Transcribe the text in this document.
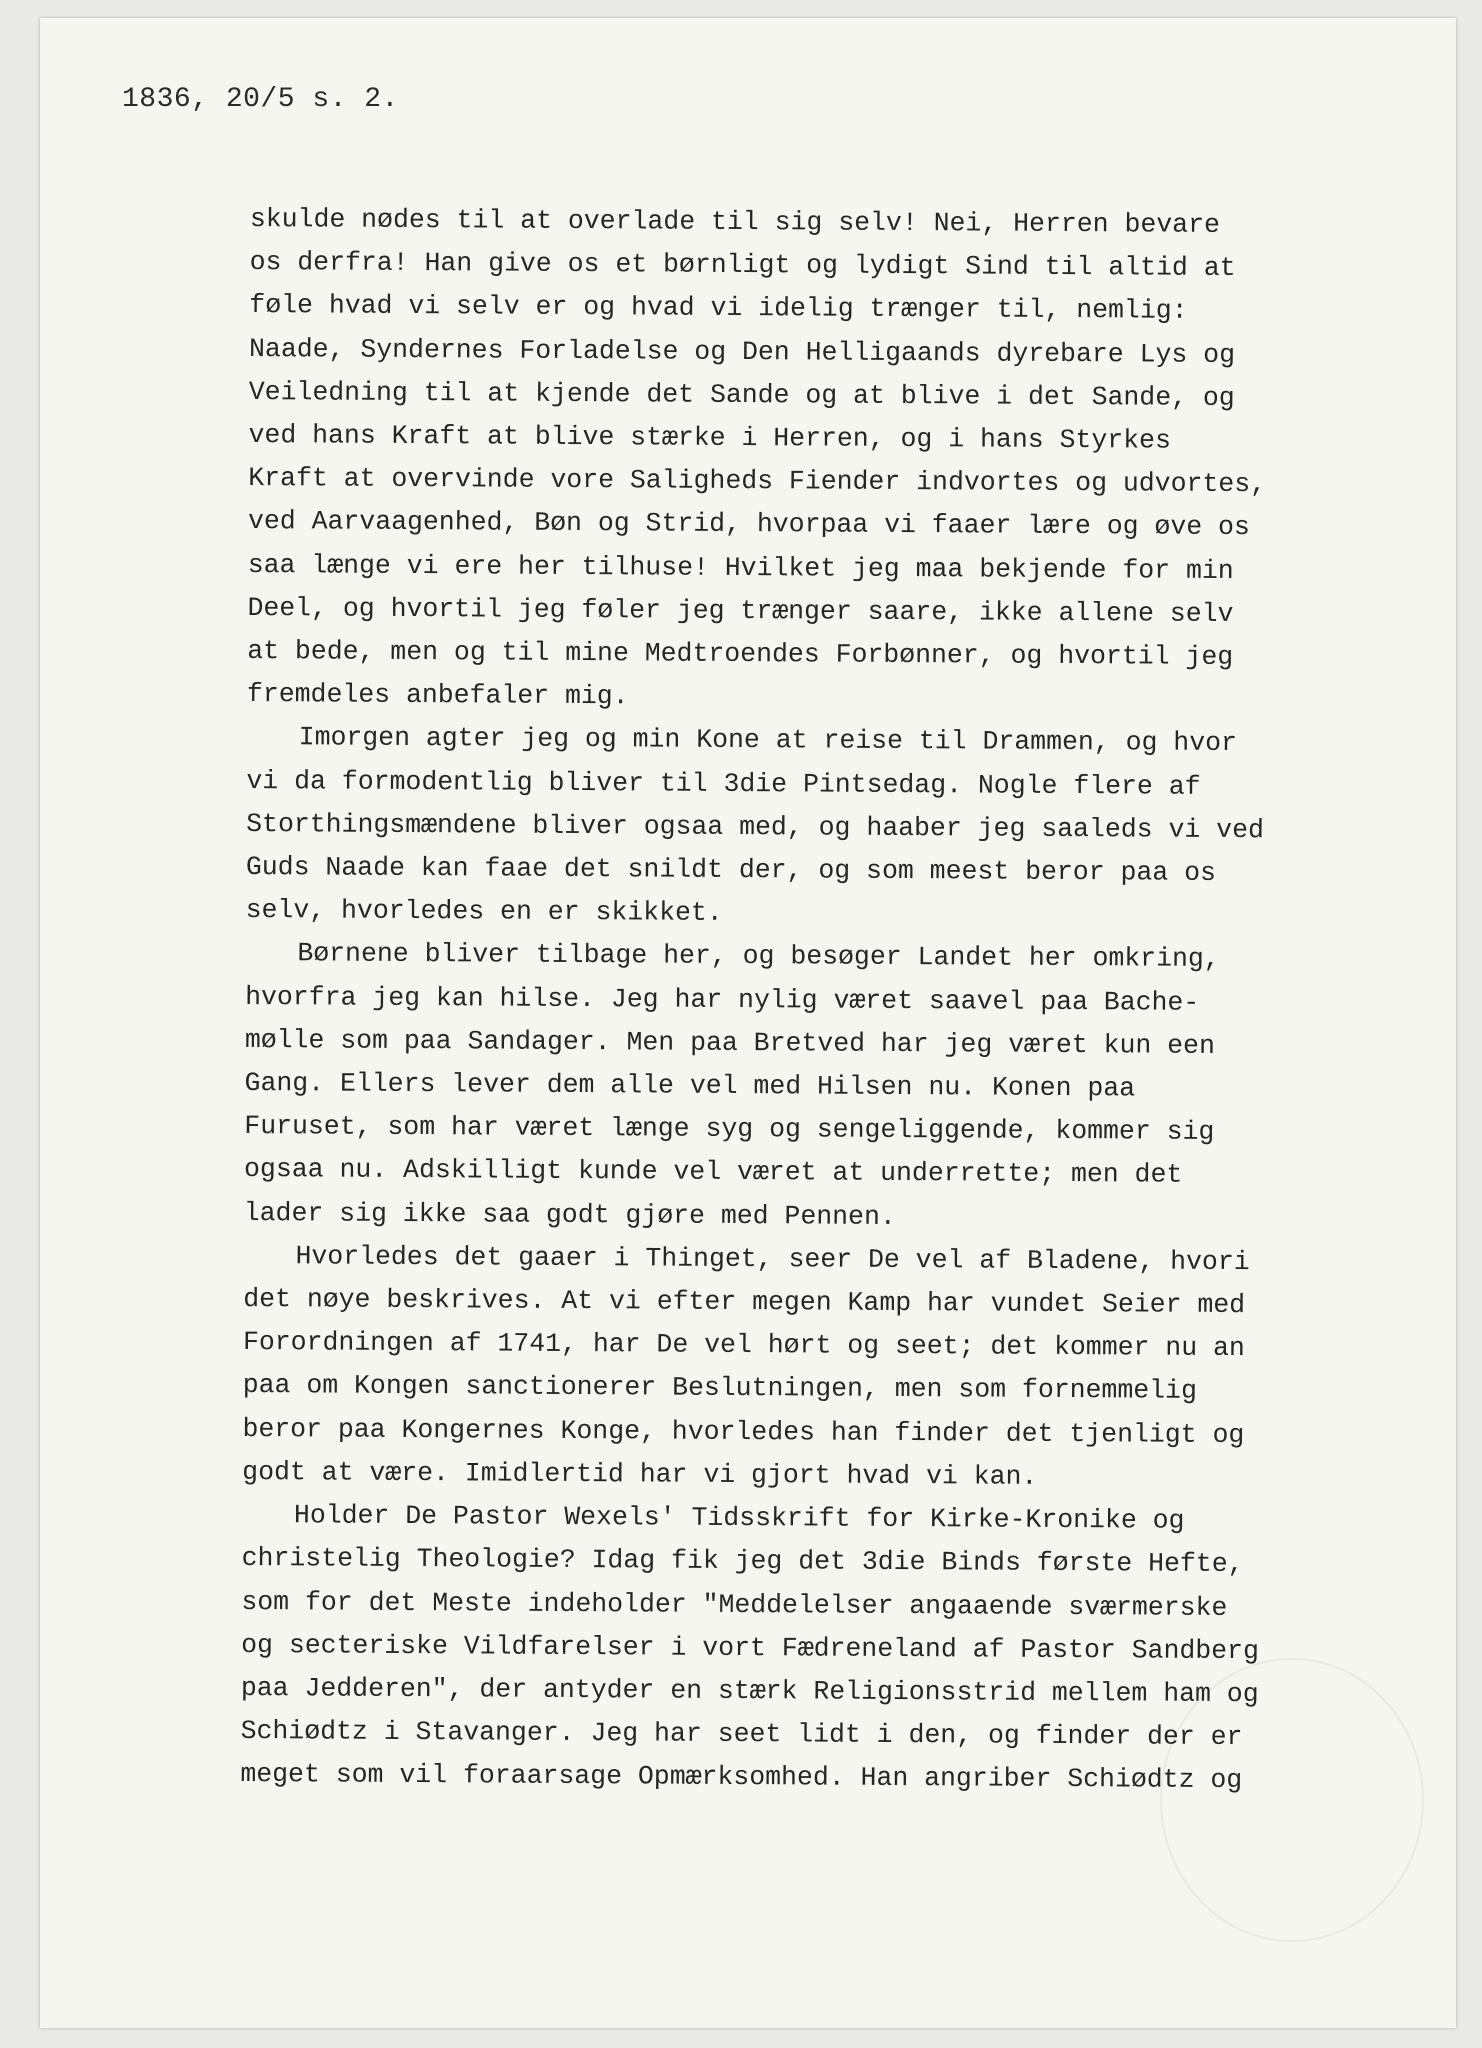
1836, 20/5 s. 2.
skulde nødes til at overlade til sig selv! Nei, Herren bevare
os derfra! Han give os et børnligt og lydigt Sind til altid at
føle hvad vi selv er og hvad vi idelig trænger til, nemlig:
Naade, Syndernes Forladelse og Den Helligaands dyrebare Lys og
Veiledning til at kjende det Sande og at blive i det Sande, og
ved hans Kraft at blive stærke i Herren, og i hans Styrkes
Kraft at overvinde vore Saligheds Fiender indvortes og udvortes,
ved Aarvaagenhed, Bøn og Strid, hvorpaa vi faaer lære og øve os
saa længe vi ere her tilhuse! Hvilket jeg maa bekjende for min
Deel, og hvortil jeg føler jeg trænger saare, ikke allene selv
at bede, men og til mine Medtroendes Forbønner, og hvortil jeg
fremdeles anbefaler mig.
Imorgen agter jeg og min Kone at reise til Drammen, og hvor
vi da formodentlig bliver til 3die Pintsedag. Nogle flere af
Storthingsmændene bliver ogsaa med, og haaber jeg saaleds vi ved
Guds Naade kan faae det snildt der, og som meest beror paa os
selv, hvorledes en er skikket.
Børnene bliver tilbage her, og besøger Landet her omkring,
hvorfra jeg kan hilse. Jeg har nylig været saavel paa Bache-
mølle som paa Sandager. Men paa Bretved har jeg været kun een
Gang. Ellers lever dem alle vel med Hilsen nu. Konen paa
Furuset, som har været længe syg og sengeliggende, kommer sig
ogsaa nu. Adskilligt kunde vel været at underrette; men det
lader sig ikke saa godt gjøre med Pennen.
Hvorledes det gaaer i Thinget, seer De vel af Bladene, hvori
det nøye beskrives. At vi efter megen Kamp har vundet Seier med
Forordningen af 1741, har De vel hørt og seet; det kommer nu an
paa om Kongen sanctionerer Beslutningen, men som fornemmelig
beror paa Kongernes Konge, hvorledes han finder det tjenligt og
godt at være. Imidlertid har vi gjort hvad vi kan.
Holder De Pastor Wexels' Tidsskrift for Kirke-Kronike og
christelig Theologie? Idag fik jeg det 3die Binds første Hefte,
som for det Meste indeholder "Meddelelser angaaende sværmerske
og secteriske Vildfarelser i vort Fædreneland af Pastor Sandberg
paa Jedderen", der antyder en stærk Religionsstrid mellem ham og
Schiødtz i Stavanger. Jeg har seet lidt i den, og finder der er
meget som vil foraarsage Opmærksomhed. Han angriber Schiødtz og
